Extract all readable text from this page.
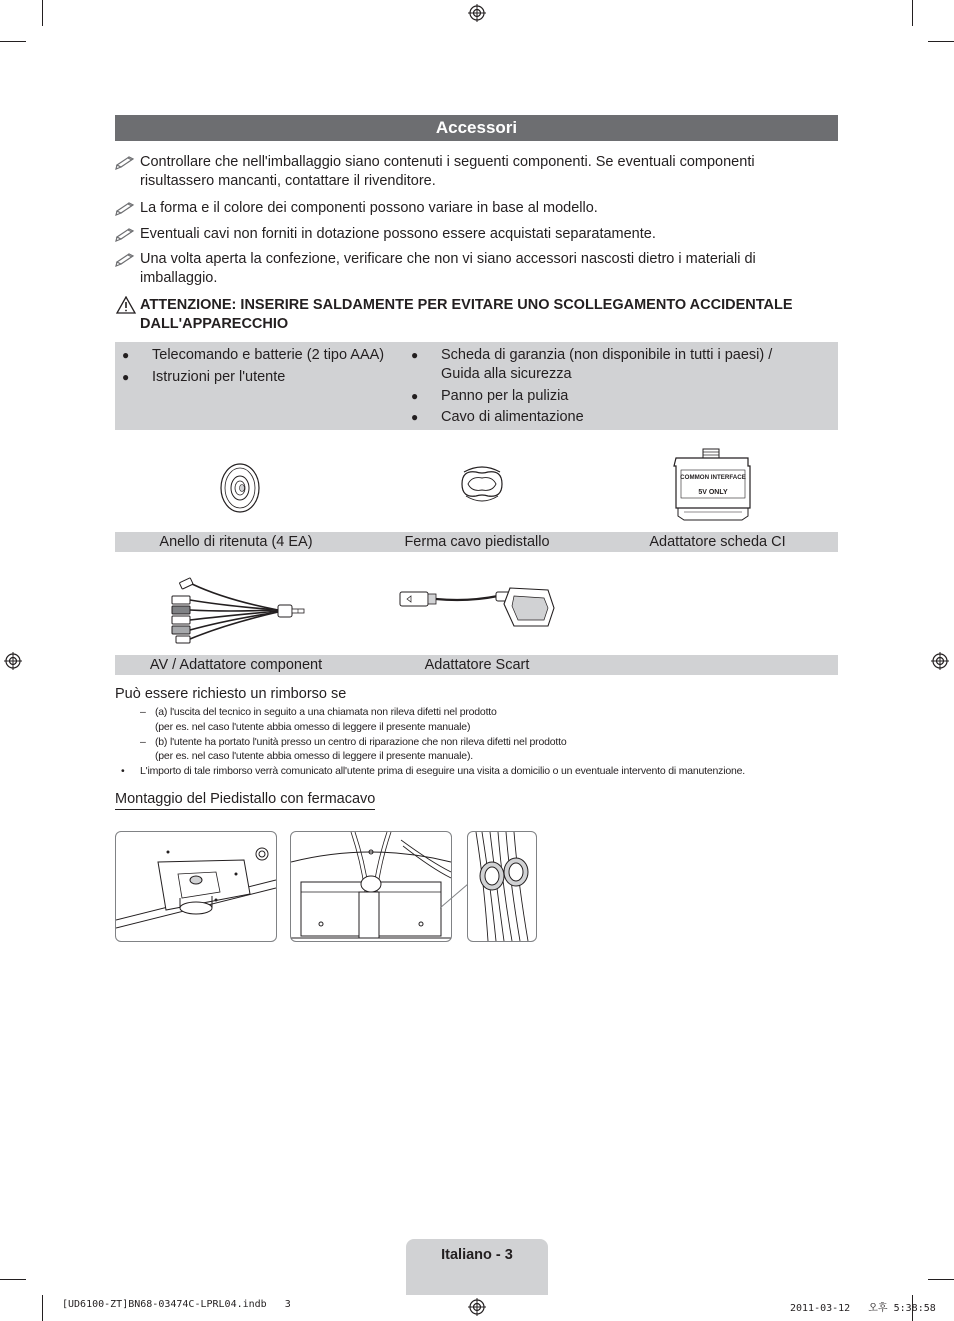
Accessori
Controllare che nell'imballaggio siano contenuti i seguenti componenti. Se eventuali componenti
risultassero mancanti, contattare il rivenditore.
La forma e il colore dei componenti possono variare in base al modello.
Eventuali cavi non forniti in dotazione possono essere acquistati separatamente.
Una volta aperta la confezione, verificare che non vi siano accessori nascosti dietro i materiali di
imballaggio.
ATTENZIONE: INSERIRE SALDAMENTE PER EVITARE UNO SCOLLEGAMENTO ACCIDENTALE
DALL'APPARECCHIO
● Telecomando e batterie (2 tipo AAA)
● Istruzioni per l'utente
● Scheda di garanzia (non disponibile in tutti i paesi) /
Guida alla sicurezza
● Panno per la pulizia
● Cavo di alimentazione
COMMON INTERFACE
5V ONLY
Anello di ritenuta (4 EA)	Ferma cavo piedistallo	Adattatore scheda CI
AV / Adattatore component	Adattatore Scart
Può essere richiesto un rimborso se
– (a) l'uscita del tecnico in seguito a una chiamata non rileva difetti nel prodotto
(per es. nel caso l'utente abbia omesso di leggere il presente manuale)
– (b) l'utente ha portato l'unità presso un centro di riparazione che non rileva difetti nel prodotto
(per es. nel caso l'utente abbia omesso di leggere il presente manuale).
• L'importo di tale rimborso verrà comunicato all'utente prima di eseguire una visita a domicilio o un eventuale intervento di manutenzione.
Montaggio del Piedistallo con fermacavo
Italiano - 3
[UD6100-ZT]BN68-03474C-LPRL04.indb   3	2011-03-12   오후 5:38:58
